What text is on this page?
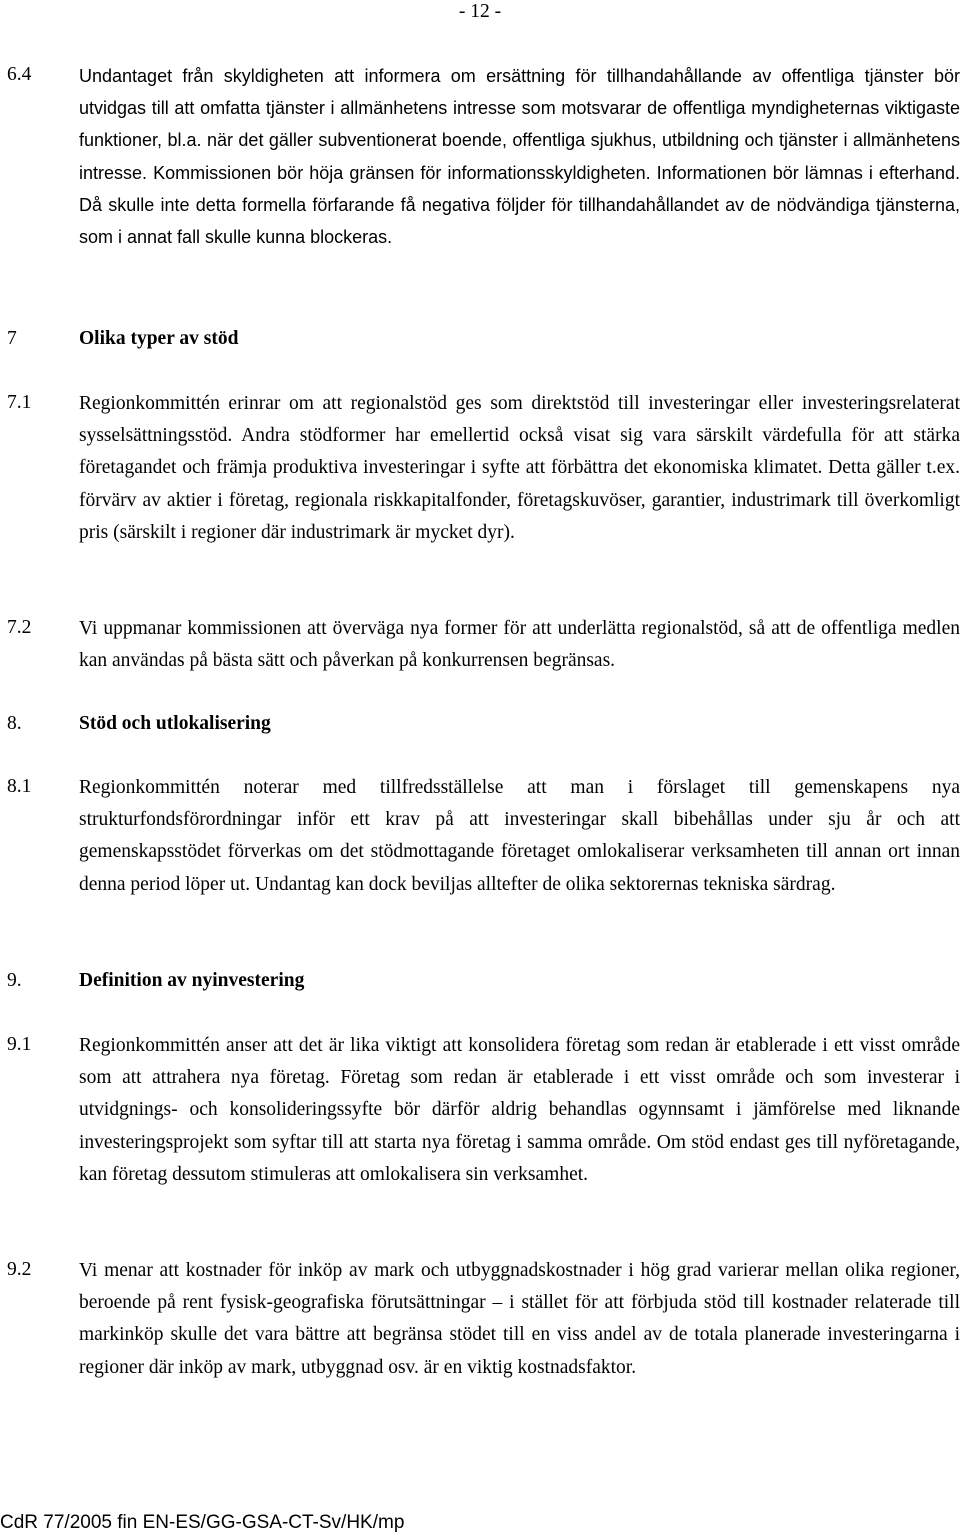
- 12 -
6.4	Undantaget från skyldigheten att informera om ersättning för tillhandahållande av offentliga tjänster bör utvidgas till att omfatta tjänster i allmänhetens intresse som motsvarar de offentliga myndigheternas viktigaste funktioner, bl.a. när det gäller subventionerat boende, offentliga sjukhus, utbildning och tjänster i allmänhetens intresse. Kommissionen bör höja gränsen för informationsskyldigheten. Informationen bör lämnas i efterhand. Då skulle inte detta formella förfarande få negativa följder för tillhandahållandet av de nödvändiga tjänsterna, som i annat fall skulle kunna blockeras.
7	Olika typer av stöd
7.1 Regionkommittén erinrar om att regionalstöd ges som direktstöd till investeringar eller investeringsrelaterat sysselsättningsstöd. Andra stödformer har emellertid också visat sig vara särskilt värdefulla för att stärka företagandet och främja produktiva investeringar i syfte att förbättra det ekonomiska klimatet. Detta gäller t.ex. förvärv av aktier i företag, regionala riskkapitalfonder, företagskuvöser, garantier, industrimark till överkomligt pris (särskilt i regioner där industrimark är mycket dyr).
7.2 Vi uppmanar kommissionen att överväga nya former för att underlätta regionalstöd, så att de offentliga medlen kan användas på bästa sätt och påverkan på konkurrensen begränsas.
8.	Stöd och utlokalisering
8.1 Regionkommittén noterar med tillfredsställelse att man i förslaget till gemenskapens nya strukturfondsförordningar inför ett krav på att investeringar skall bibehållas under sju år och att gemenskapsstödet förverkas om det stödmottagande företaget omlokaliserar verksamheten till annan ort innan denna period löper ut. Undantag kan dock beviljas alltefter de olika sektorernas tekniska särdrag.
9.	Definition av nyinvestering
9.1 Regionkommittén anser att det är lika viktigt att konsolidera företag som redan är etablerade i ett visst område som att attrahera nya företag. Företag som redan är etablerade i ett visst område och som investerar i utvidgnings- och konsolideringssyfte bör därför aldrig behandlas ogynnsamt i jämförelse med liknande investeringsprojekt som syftar till att starta nya företag i samma område. Om stöd endast ges till nyföretagande, kan företag dessutom stimuleras att omlokalisera sin verksamhet.
9.2 Vi menar att kostnader för inköp av mark och utbyggnadskostnader i hög grad varierar mellan olika regioner, beroende på rent fysisk-geografiska förutsättningar – i stället för att förbjuda stöd till kostnader relaterade till markinköp skulle det vara bättre att begränsa stödet till en viss andel av de totala planerade investeringarna i regioner där inköp av mark, utbyggnad osv. är en viktig kostnadsfaktor.
CdR 77/2005 fin EN-ES/GG-GSA-CT-Sv/HK/mp
